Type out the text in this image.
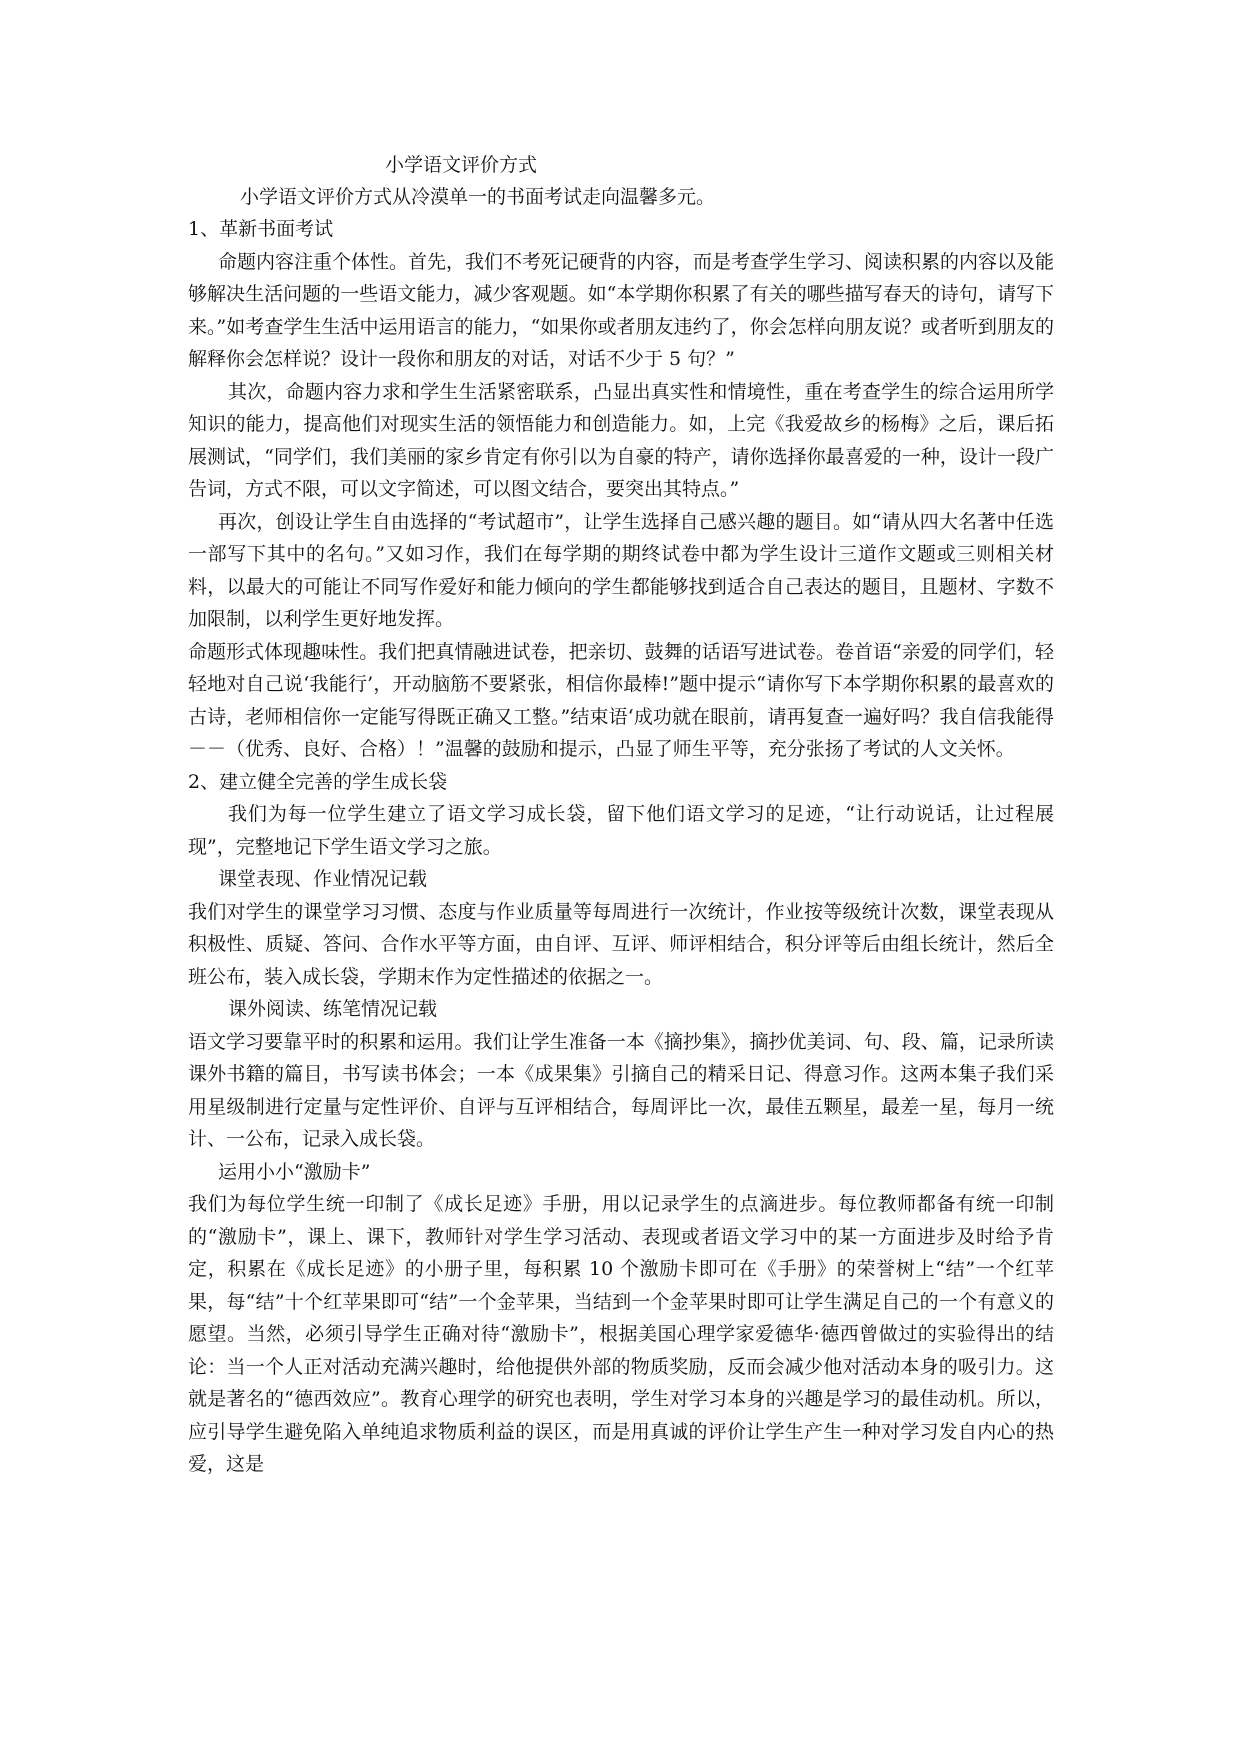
小学语文评价方式
小学语文评价方式从冷漠单一的书面考试走向温馨多元。
1、革新书面考试

命题内容注重个体性。首先，我们不考死记硬背的内容，而是考查学生学习、阅读积累的内容以及能够解决生活问题的一些语文能力，减少客观题。如“本学期你积累了有关的哪些描写春天的诗句，请写下来。”如考查学生生活中运用语言的能力，“如果你或者朋友违约了，你会怎样向朋友说？或者听到朋友的解释你会怎样说？设计一段你和朋友的对话，对话不少于 5 句？”

其次，命题内容力求和学生生活紧密联系，凸显出真实性和情境性，重在考查学生的综合运用所学知识的能力，提高他们对现实生活的领悟能力和创造能力。如，上完《我爱故乡的杨梅》之后，课后拓展测试，“同学们，我们美丽的家乡肯定有你引以为自豪的特产，请你选择你最喜爱的一种，设计一段广告词，方式不限，可以文字简述，可以图文结合，要突出其特点。”

再次，创设让学生自由选择的“考试超市”，让学生选择自己感兴趣的题目。如“请从四大名著中任选一部写下其中的名句。”又如习作，我们在每学期的期终试卷中都为学生设计三道作文题或三则相关材料，以最大的可能让不同写作爱好和能力倾向的学生都能够找到适合自己表达的题目，且题材、字数不加限制，以利学生更好地发挥。

命题形式体现趣味性。我们把真情融进试卷，把亲切、鼓舞的话语写进试卷。卷首语“亲爱的同学们，轻轻地对自己说‘我能行’，开动脑筋不要紧张，相信你最棒!”题中提示“请你写下本学期你积累的最喜欢的古诗，老师相信你一定能写得既正确又工整。”结束语‘成功就在眼前，请再复查一遍好吗？我自信我能得－－（优秀、良好、合格）！”温馨的鼓励和提示，凸显了师生平等，充分张扬了考试的人文关怀。

2、建立健全完善的学生成长袋

我们为每一位学生建立了语文学习成长袋，留下他们语文学习的足迹，“让行动说话，让过程展现”，完整地记下学生语文学习之旅。

课堂表现、作业情况记载

我们对学生的课堂学习习惯、态度与作业质量等每周进行一次统计，作业按等级统计次数，课堂表现从积极性、质疑、答问、合作水平等方面，由自评、互评、师评相结合，积分评等后由组长统计，然后全班公布，装入成长袋，学期末作为定性描述的依据之一。

课外阅读、练笔情况记载

语文学习要靠平时的积累和运用。我们让学生准备一本《摘抄集》，摘抄优美词、句、段、篇，记录所读课外书籍的篇目，书写读书体会；一本《成果集》引摘自己的精采日记、得意习作。这两本集子我们采用星级制进行定量与定性评价、自评与互评相结合，每周评比一次，最佳五颗星，最差一星，每月一统计、一公布，记录入成长袋。

运用小小“激励卡”

我们为每位学生统一印制了《成长足迹》手册，用以记录学生的点滴进步。每位教师都备有统一印制的“激励卡”，课上、课下，教师针对学生学习活动、表现或者语文学习中的某一方面进步及时给予肯定，积累在《成长足迹》的小册子里，每积累 10 个激励卡即可在《手册》的荣誉树上“结”一个红苹果，每“结”十个红苹果即可“结”一个金苹果，当结到一个金苹果时即可让学生满足自己的一个有意义的愿望。当然，必须引导学生正确对待“激励卡”，根据美国心理学家爱德华·德西曾做过的实验得出的结论：当一个人正对活动充满兴趣时，给他提供外部的物质奖励，反而会减少他对活动本身的吸引力。这就是著名的“德西效应”。教育心理学的研究也表明，学生对学习本身的兴趣是学习的最佳动机。所以，应引导学生避免陷入单纯追求物质利益的误区，而是用真诚的评价让学生产生一种对学习发自内心的热爱，这是
